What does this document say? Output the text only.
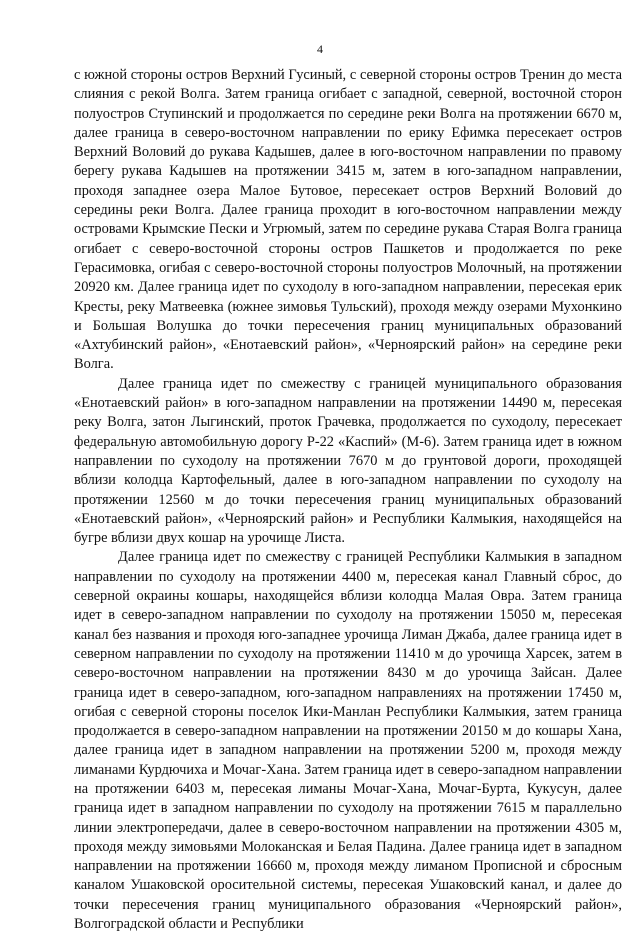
4

с южной стороны остров Верхний Гусиный, с северной стороны остров Тренин до места слияния с рекой Волга. Затем граница огибает с западной, северной, восточной сторон полуостров Ступинский и продолжается по середине реки Волга на протяжении 6670 м, далее граница в северо-восточном направлении по ерику Ефимка пересекает остров Верхний Воловий до рукава Кадышев, далее в юго-восточном направлении по правому берегу рукава Кадышев на протяжении 3415 м, затем в юго-западном направлении, проходя западнее озера Малое Бутовое, пересекает остров Верхний Воловий до середины реки Волга. Далее граница проходит в юго-восточном направлении между островами Крымские Пески и Угрюмый, затем по середине рукава Старая Волга граница огибает с северо-восточной стороны остров Пашкетов и продолжается по реке Герасимовка, огибая с северо-восточной стороны полуостров Молочный, на протяжении 20920 км. Далее граница идет по суходолу в юго-западном направлении, пересекая ерик Кресты, реку Матвеевка (южнее зимовья Тульский), проходя между озерами Мухонкино и Большая Волушка до точки пересечения границ муниципальных образований «Ахтубинский район», «Енотаевский район», «Черноярский район» на середине реки Волга.

Далее граница идет по смежеству с границей муниципального образования «Енотаевский район» в юго-западном направлении на протяжении 14490 м, пересекая реку Волга, затон Лыгинский, проток Грачевка, продолжается по суходолу, пересекает федеральную автомобильную дорогу Р-22 «Каспий» (М-6). Затем граница идет в южном направлении по суходолу на протяжении 7670 м до грунтовой дороги, проходящей вблизи колодца Картофельный, далее в юго-западном направлении по суходолу на протяжении 12560 м до точки пересечения границ муниципальных образований «Енотаевский район», «Черноярский район» и Республики Калмыкия, находящейся на бугре вблизи двух кошар на урочище Листа.

Далее граница идет по смежеству с границей Республики Калмыкия в западном направлении по суходолу на протяжении 4400 м, пересекая канал Главный сброс, до северной окраины кошары, находящейся вблизи колодца Малая Овра. Затем граница идет в северо-западном направлении по суходолу на протяжении 15050 м, пересекая канал без названия и проходя юго-западнее урочища Лиман Джаба, далее граница идет в северном направлении по суходолу на протяжении 11410 м до урочища Харсек, затем в северо-восточном направлении на протяжении 8430 м до урочища Зайсан. Далее граница идет в северо-западном, юго-западном направлениях на протяжении 17450 м, огибая с северной стороны поселок Ики-Манлан Республики Калмыкия, затем граница продолжается в северо-западном направлении на протяжении 20150 м до кошары Хана, далее граница идет в западном направлении на протяжении 5200 м, проходя между лиманами Курдючиха и Мочаг-Хана. Затем граница идет в северо-западном направлении на протяжении 6403 м, пересекая лиманы Мочаг-Хана, Мочаг-Бурта, Кукусун, далее граница идет в западном направлении по суходолу на протяжении 7615 м параллельно линии электропередачи, далее в северо-восточном направлении на протяжении 4305 м, проходя между зимовьями Молоканская и Белая Падина. Далее граница идет в западном направлении на протяжении 16660 м, проходя между лиманом Прописной и сбросным каналом Ушаковской оросительной системы, пересекая Ушаковский канал, и далее до точки пересечения границ муниципального образования «Черноярский район», Волгоградской области и Республики
